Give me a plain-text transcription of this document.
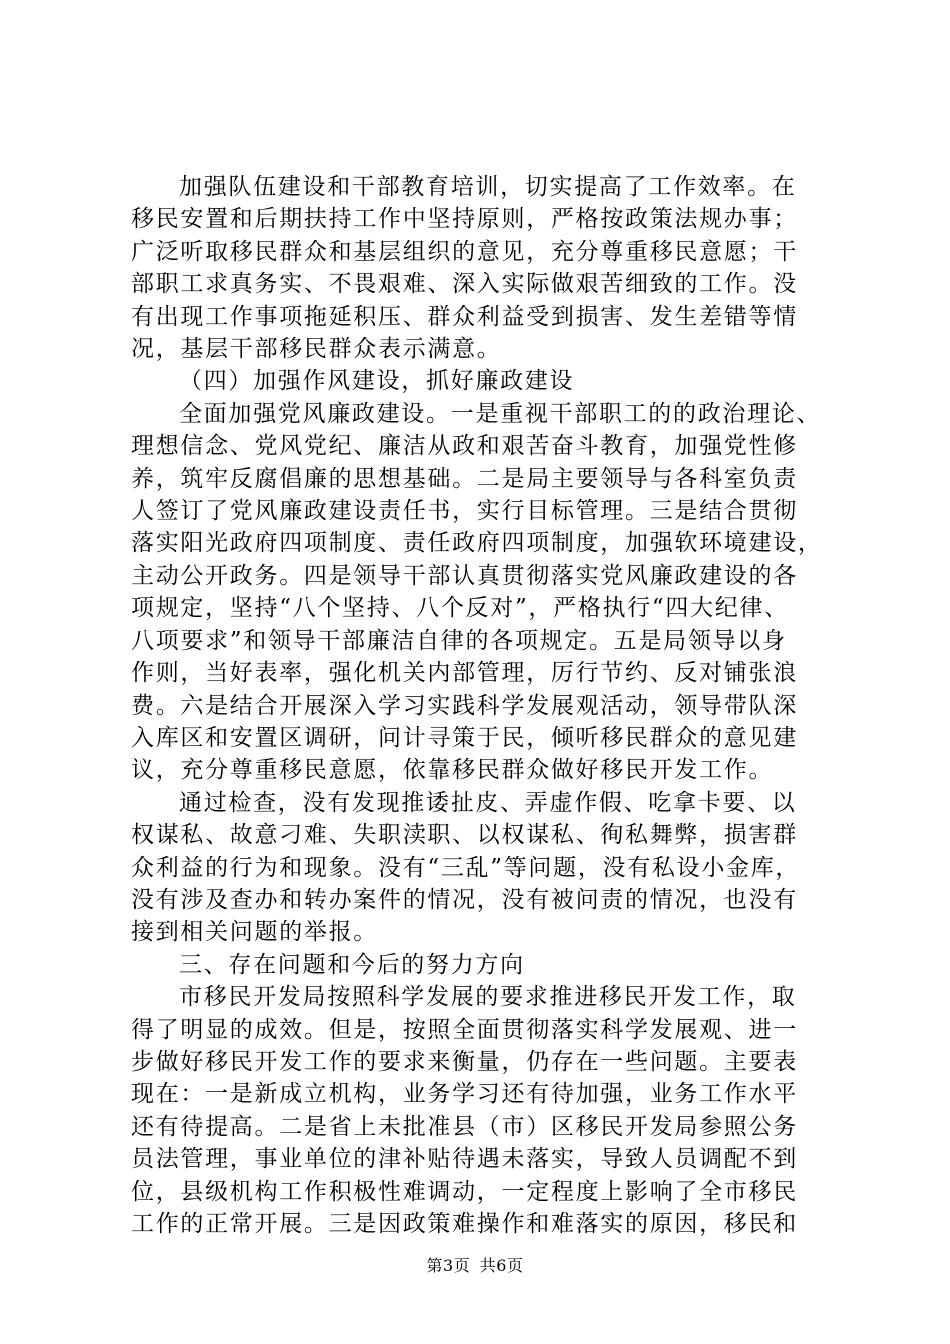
加强队伍建设和干部教育培训，切实提高了工作效率。在
移民安置和后期扶持工作中坚持原则，严格按政策法规办事；
广泛听取移民群众和基层组织的意见，充分尊重移民意愿；干
部职工求真务实、不畏艰难、深入实际做艰苦细致的工作。没
有出现工作事项拖延积压、群众利益受到损害、发生差错等情
况，基层干部移民群众表示满意。
（四）加强作风建设，抓好廉政建设
全面加强党风廉政建设。一是重视干部职工的的政治理论、
理想信念、党风党纪、廉洁从政和艰苦奋斗教育，加强党性修
养，筑牢反腐倡廉的思想基础。二是局主要领导与各科室负责
人签订了党风廉政建设责任书，实行目标管理。三是结合贯彻
落实阳光政府四项制度、责任政府四项制度，加强软环境建设，
主动公开政务。四是领导干部认真贯彻落实党风廉政建设的各
项规定，坚持“八个坚持、八个反对”，严格执行“四大纪律、
八项要求”和领导干部廉洁自律的各项规定。五是局领导以身
作则，当好表率，强化机关内部管理，厉行节约、反对铺张浪
费。六是结合开展深入学习实践科学发展观活动，领导带队深
入库区和安置区调研，问计寻策于民，倾听移民群众的意见建
议，充分尊重移民意愿，依靠移民群众做好移民开发工作。
通过检查，没有发现推诿扯皮、弄虚作假、吃拿卡要、以
权谋私、故意刁难、失职渎职、以权谋私、徇私舞弊，损害群
众利益的行为和现象。没有“三乱”等问题，没有私设小金库，
没有涉及查办和转办案件的情况，没有被问责的情况，也没有
接到相关问题的举报。
三、存在问题和今后的努力方向
市移民开发局按照科学发展的要求推进移民开发工作，取
得了明显的成效。但是，按照全面贯彻落实科学发展观、进一
步做好移民开发工作的要求来衡量，仍存在一些问题。主要表
现在：一是新成立机构，业务学习还有待加强，业务工作水平
还有待提高。二是省上未批准县（市）区移民开发局参照公务
员法管理，事业单位的津补贴待遇未落实，导致人员调配不到
位，县级机构工作积极性难调动，一定程度上影响了全市移民
工作的正常开展。三是因政策难操作和难落实的原因，移民和
第3页 共6页
